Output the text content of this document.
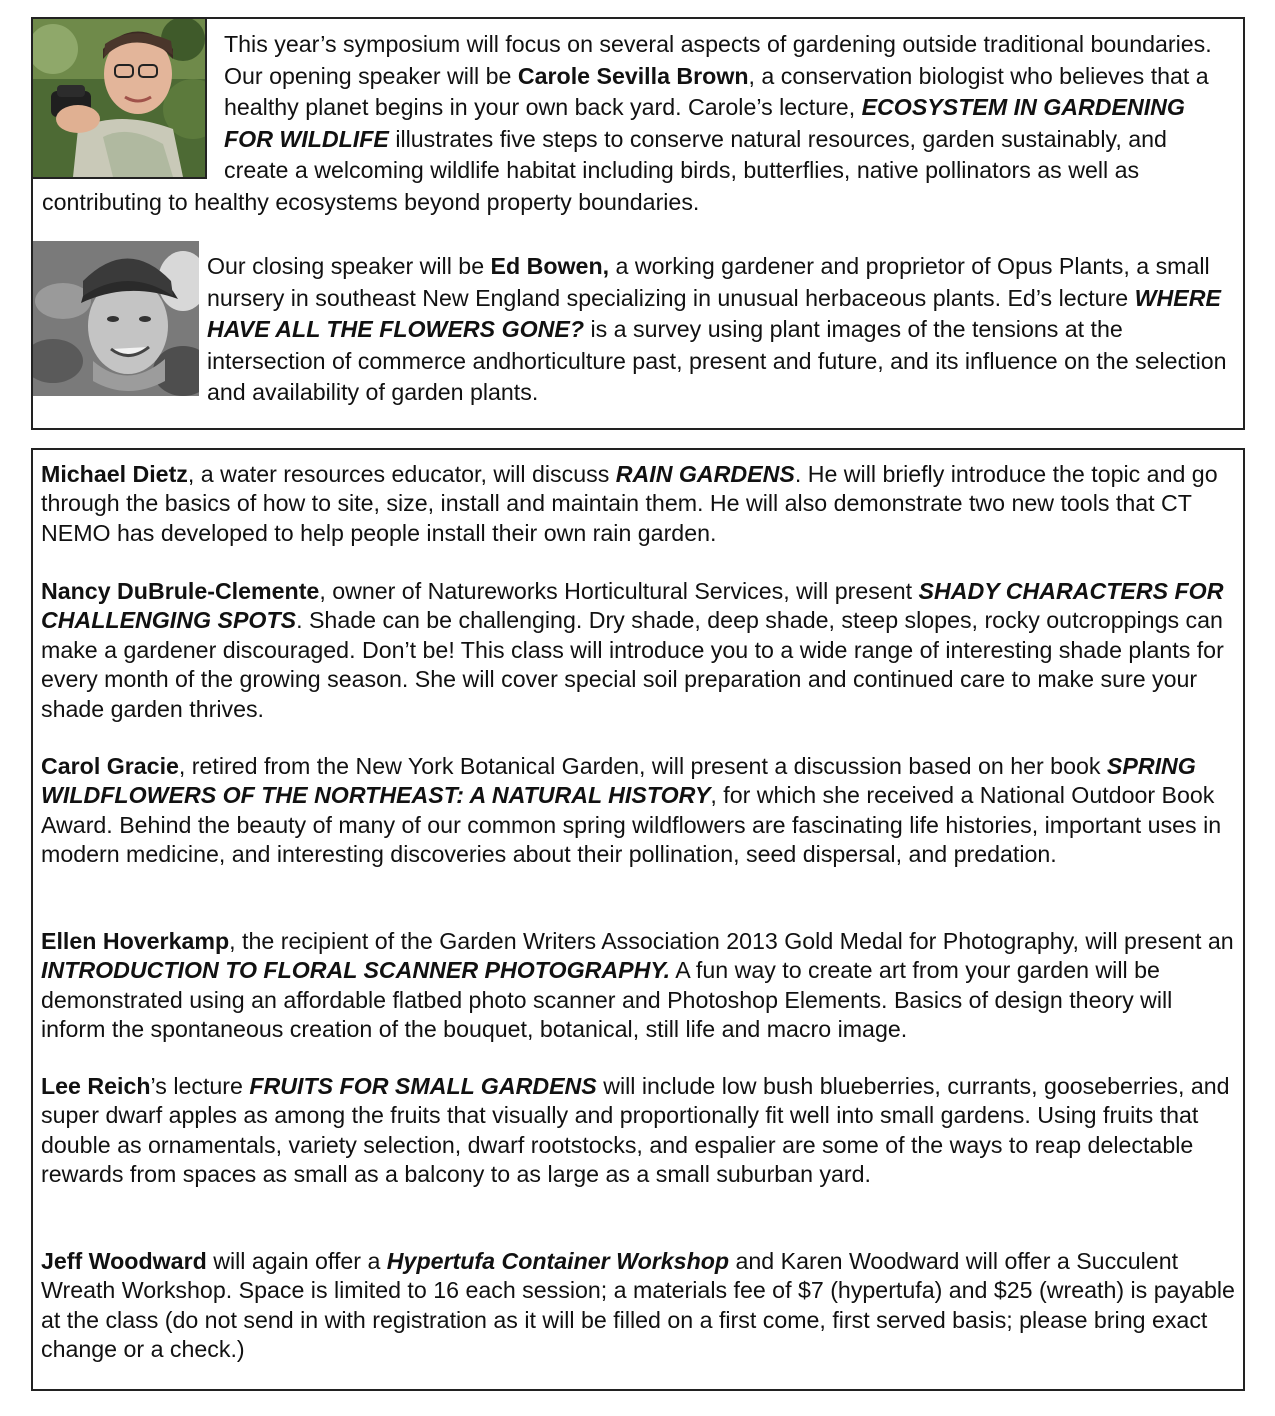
This year’s symposium will focus on several aspects of gardening outside traditional boundaries. Our opening speaker will be Carole Sevilla Brown, a conservation biologist who believes that a healthy planet begins in your own back yard. Carole’s lecture, ECOSYSTEM IN GARDENING FOR WILDLIFE illustrates five steps to conserve natural resources, garden sustainably, and create a welcoming wildlife habitat including birds, butterflies, native pollinators as well as contributing to healthy ecosystems beyond property boundaries.
Our closing speaker will be Ed Bowen, a working gardener and proprietor of Opus Plants, a small nursery in southeast New England specializing in unusual herbaceous plants. Ed’s lecture WHERE HAVE ALL THE FLOWERS GONE? is a survey using plant images of the tensions at the intersection of commerce andhorticulture past, present and future, and its influence on the selection and availability of garden plants.
Michael Dietz, a water resources educator, will discuss RAIN GARDENS. He will briefly introduce the topic and go through the basics of how to site, size, install and maintain them. He will also demonstrate two new tools that CT NEMO has developed to help people install their own rain garden.
Nancy DuBrule-Clemente, owner of Natureworks Horticultural Services, will present SHADY CHARACTERS FOR CHALLENGING SPOTS. Shade can be challenging. Dry shade, deep shade, steep slopes, rocky outcroppings can make a gardener discouraged. Don’t be! This class will introduce you to a wide range of interesting shade plants for every month of the growing season. She will cover special soil preparation and continued care to make sure your shade garden thrives.
Carol Gracie, retired from the New York Botanical Garden, will present a discussion based on her book SPRING WILDFLOWERS OF THE NORTHEAST: A NATURAL HISTORY, for which she received a National Outdoor Book Award. Behind the beauty of many of our common spring wildflowers are fascinating life histories, important uses in modern medicine, and interesting discoveries about their pollination, seed dispersal, and predation.
Ellen Hoverkamp, the recipient of the Garden Writers Association 2013 Gold Medal for Photography, will present an INTRODUCTION TO FLORAL SCANNER PHOTOGRAPHY. A fun way to create art from your garden will be demonstrated using an affordable flatbed photo scanner and Photoshop Elements. Basics of design theory will inform the spontaneous creation of the bouquet, botanical, still life and macro image.
Lee Reich’s lecture FRUITS FOR SMALL GARDENS will include low bush blueberries, currants, gooseberries, and super dwarf apples as among the fruits that visually and proportionally fit well into small gardens. Using fruits that double as ornamentals, variety selection, dwarf rootstocks, and espalier are some of the ways to reap delectable rewards from spaces as small as a balcony to as large as a small suburban yard.
Jeff Woodward will again offer a Hypertufa Container Workshop and Karen Woodward will offer a Succulent Wreath Workshop. Space is limited to 16 each session; a materials fee of $7 (hypertufa) and $25 (wreath) is payable at the class (do not send in with registration as it will be filled on a first come, first served basis; please bring exact change or a check.)
